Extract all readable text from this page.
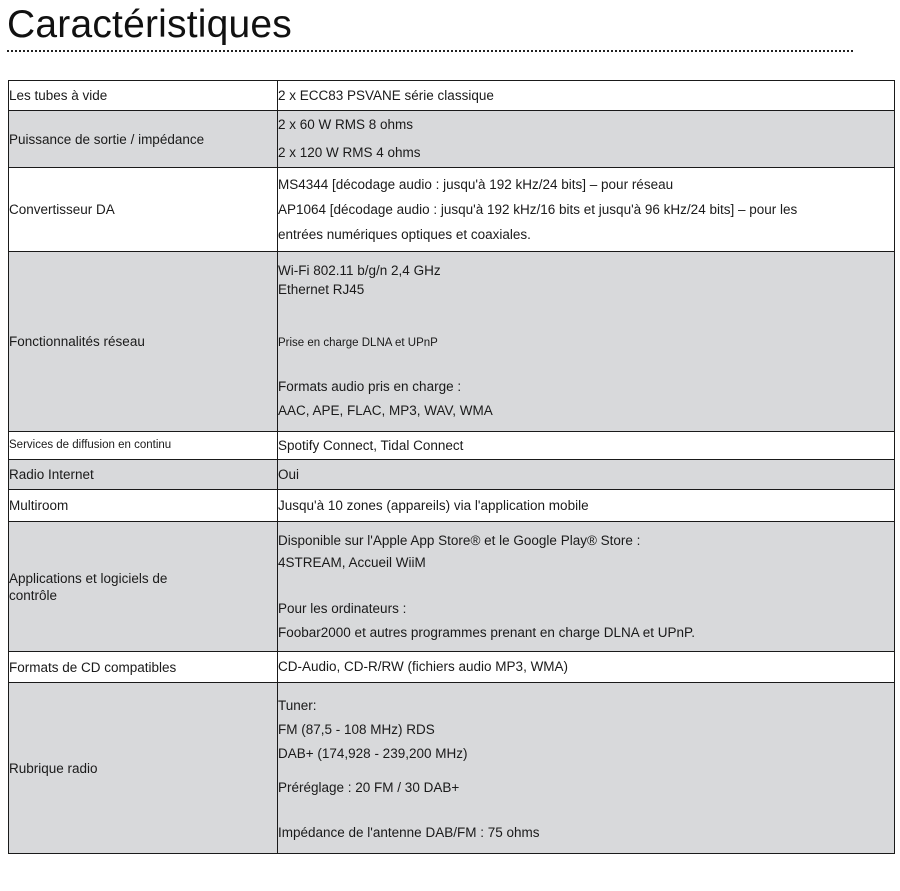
Caractéristiques
Les tubes à vide	2 x ECC83 PSVANE série classique

Puissance de sortie / impédance	2 x 60 W RMS 8 ohms
2 x 120 W RMS 4 ohms

Convertisseur DA	MS4344 [décodage audio : jusqu'à 192 kHz/24 bits] – pour réseau
AP1064 [décodage audio : jusqu'à 192 kHz/16 bits et jusqu'à 96 kHz/24 bits] – pour les
entrées numériques optiques et coaxiales.

Fonctionnalités réseau	Wi-Fi 802.11 b/g/n 2,4 GHz
Ethernet RJ45
Prise en charge DLNA et UPnP
Formats audio pris en charge :
AAC, APE, FLAC, MP3, WAV, WMA

Services de diffusion en continu	Spotify Connect, Tidal Connect

Radio Internet	Oui

Multiroom	Jusqu'à 10 zones (appareils) via l'application mobile

Applications et logiciels de
contrôle	Disponible sur l'Apple App Store® et le Google Play® Store :
4STREAM, Accueil WiiM
Pour les ordinateurs :
Foobar2000 et autres programmes prenant en charge DLNA et UPnP.

Formats de CD compatibles	CD-Audio, CD-R/RW (fichiers audio MP3, WMA)

Rubrique radio	Tuner:
FM (87,5 - 108 MHz) RDS
DAB+ (174,928 - 239,200 MHz)
Préréglage : 20 FM / 30 DAB+
Impédance de l'antenne DAB/FM : 75 ohms
